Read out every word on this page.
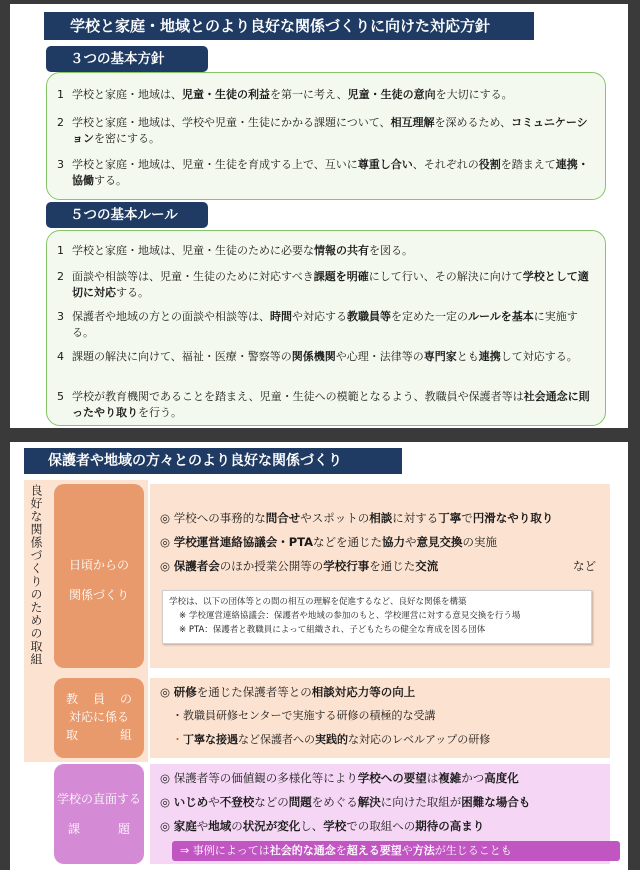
学校と家庭・地域とのより良好な関係づくりに向けた対応方針
３つの基本方針
1 学校と家庭・地域は、児童・生徒の利益を第一に考え、児童・生徒の意向を大切にする。
2 学校と家庭・地域は、学校や児童・生徒にかかる課題について、相互理解を深めるため、コミュニケーションを密にする。
3 学校と家庭・地域は、児童・生徒を育成する上で、互いに尊重し合い、それぞれの役割を踏まえて連携・協働する。
５つの基本ルール
1 学校と家庭・地域は、児童・生徒のために必要な情報の共有を図る。
2 面談や相談等は、児童・生徒のために対応すべき課題を明確にして行い、その解決に向けて学校として適切に対応する。
3 保護者や地域の方との面談や相談等は、時間や対応する教職員等を定めた一定のルールを基本に実施する。
4 課題の解決に向けて、福祉・医療・警察等の関係機関や心理・法律等の専門家とも連携して対応する。
5 学校が教育機関であることを踏まえ、児童・生徒への模範となるよう、教職員や保護者等は社会通念に則ったやり取りを行う。
保護者や地域の方々とのより良好な関係づくり
良好な関係づくりのための取組	日頃からの
関係づくり
◎ 学校への事務的な問合せやスポットの相談に対する丁寧で円滑なやり取り
◎ 学校運営連絡協議会・PTAなどを通じた協力や意見交換の実施
◎ 保護者会のほか授業公開等の学校行事を通じた交流	など
学校は、以下の団体等との間の相互の理解を促進するなど、良好な関係を構築
※ 学校運営連絡協議会：保護者や地域の参加のもと、学校運営に対する意見交換を行う場
※ PTA：保護者と教職員によって組織され、子どもたちの健全な育成を図る団体
教員の
対応に係る
取組
◎ 研修を通じた保護者等との相談対応力等の向上
・教職員研修センターで実施する研修の積極的な受講
・丁寧な接遇など保護者への実践的な対応のレベルアップの研修
学校の直面する
課題
◎ 保護者等の価値観の多様化等により学校への要望は複雑かつ高度化
◎ いじめや不登校などの問題をめぐる解決に向けた取組が困難な場合も
◎ 家庭や地域の状況が変化し、学校での取組への期待の高まり
⇒ 事例によっては社会的な通念を超える要望や方法が生じることも
